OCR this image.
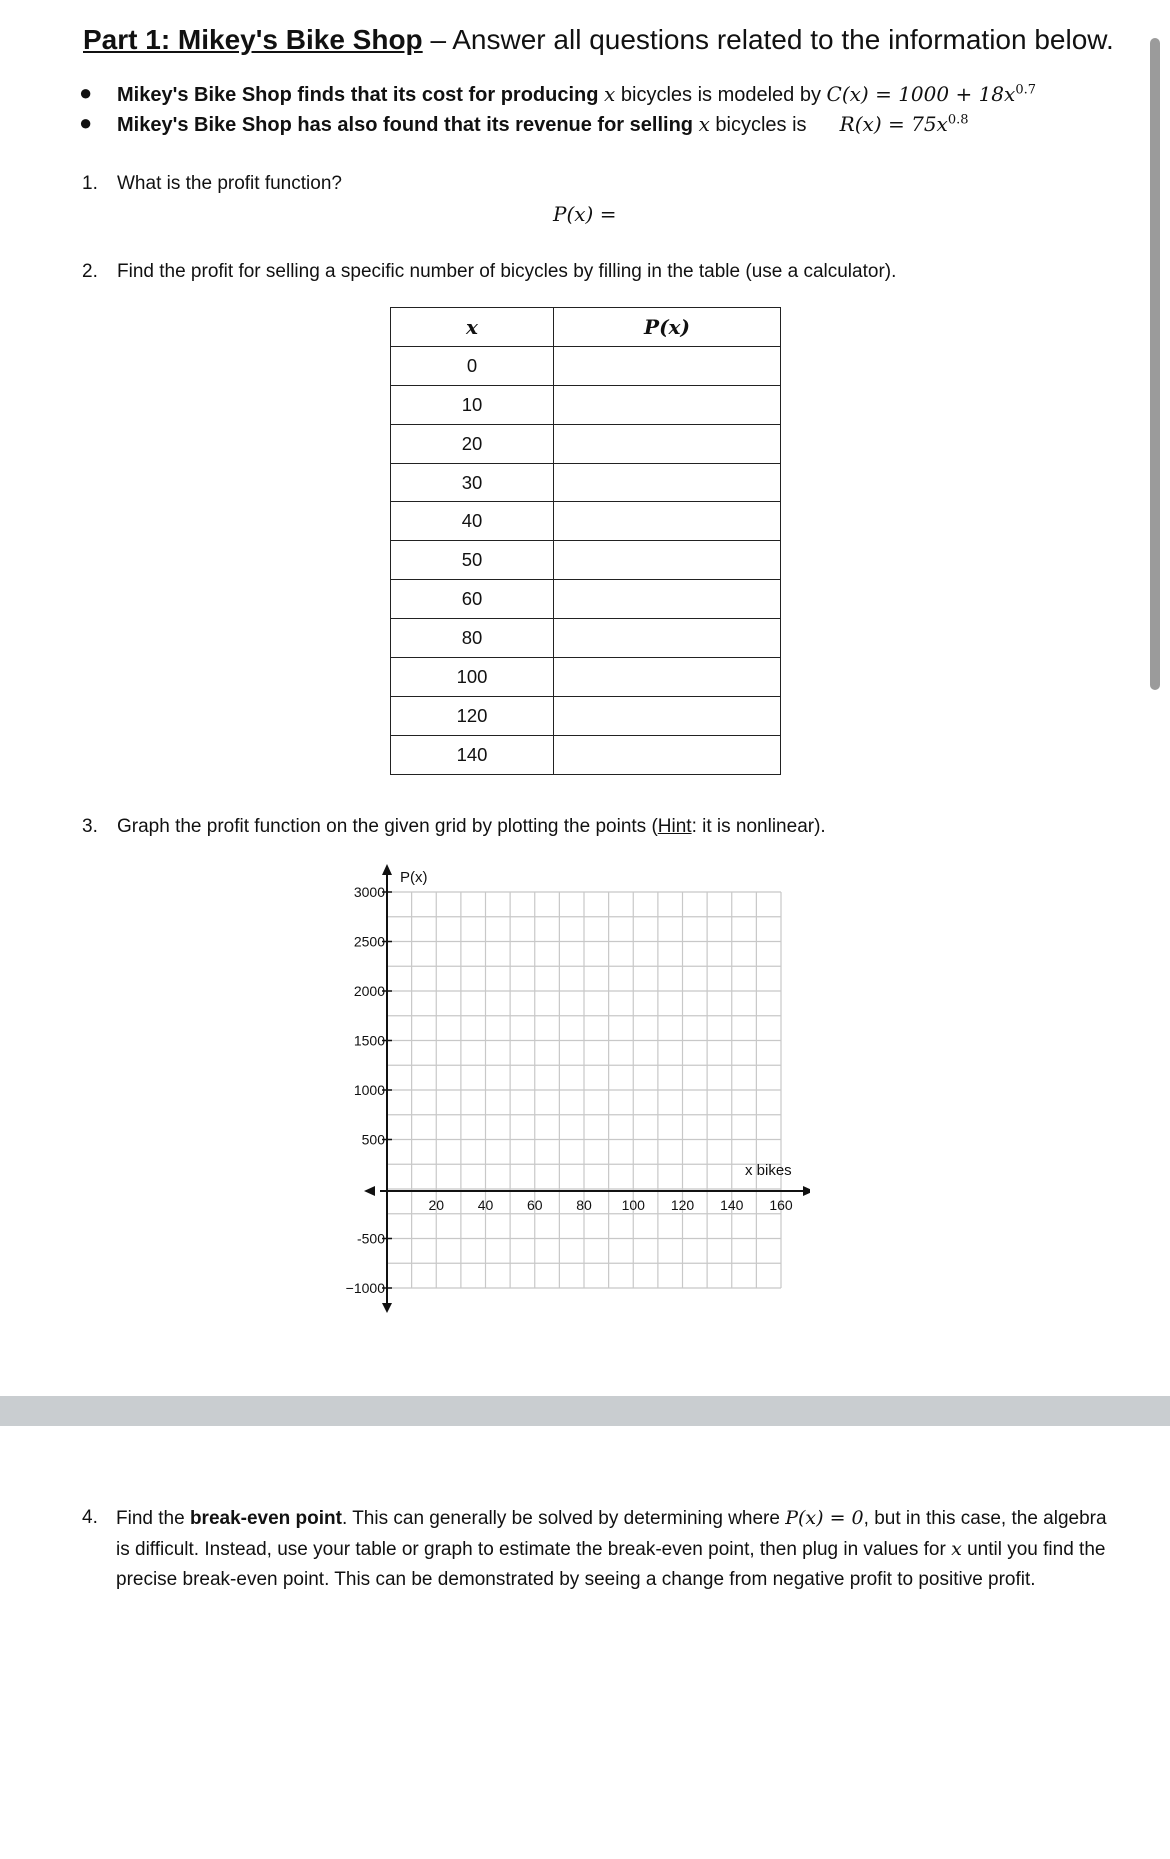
Part 1: Mikey's Bike Shop – Answer all questions related to the information below.
● Mikey's Bike Shop finds that its cost for producing x bicycles is modeled by $C(x) = 1000 + 18x^{0.7}$
● Mikey's Bike Shop has also found that its revenue for selling x bicycles is $R(x) = 75x^{0.8}$
1. What is the profit function?
P(x) =
2. Find the profit for selling a specific number of bicycles by filling in the table (use a calculator).
x	P(x)
0	
10	
20	
30	
40	
50	
60	
80	
100	
120	
140	
3. Graph the profit function on the given grid by plotting the points (Hint: it is nonlinear).
P(x)
x bikes
3000
2500
2000
1500
1000
500
-500
−1000
20 40 60 80 100 120 140 160
4. Find the break-even point. This can generally be solved by determining where P(x) = 0, but in this case, the algebra is difficult. Instead, use your table or graph to estimate the break-even point, then plug in values for x until you find the precise break-even point. This can be demonstrated by seeing a change from negative profit to positive profit.
